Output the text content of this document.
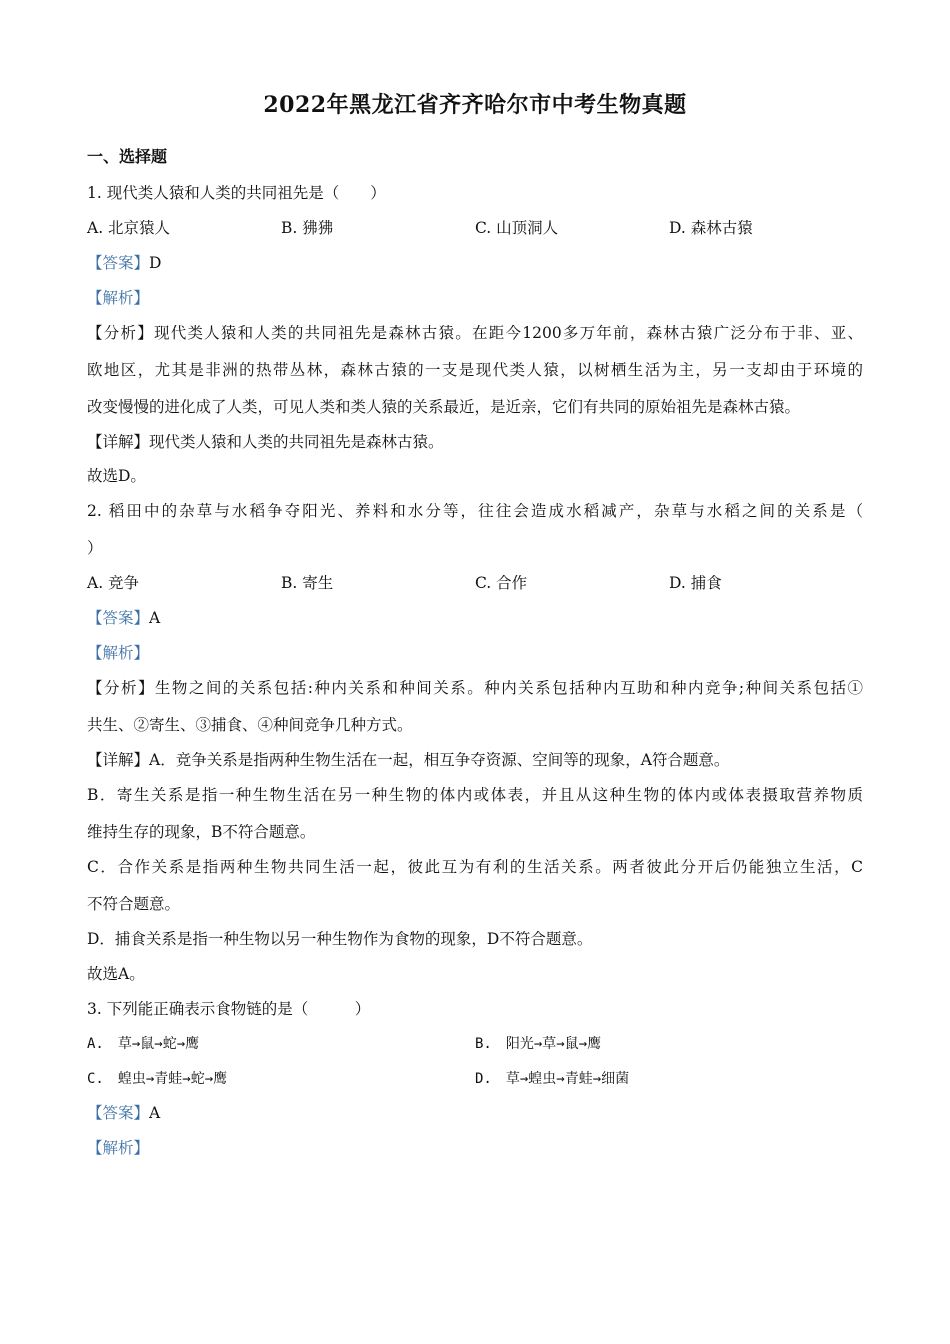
2022年黑龙江省齐齐哈尔市中考生物真题
一、选择题
1. 现代类人猿和人类的共同祖先是（　　）
A. 北京猿人	B. 狒狒	C. 山顶洞人	D. 森林古猿
【答案】D
【解析】
【分析】现代类人猿和人类的共同祖先是森林古猿。在距今1200多万年前，森林古猿广泛分布于非、亚、
欧地区，尤其是非洲的热带丛林，森林古猿的一支是现代类人猿，以树栖生活为主，另一支却由于环境的
改变慢慢的进化成了人类，可见人类和类人猿的关系最近，是近亲，它们有共同的原始祖先是森林古猿。
【详解】现代类人猿和人类的共同祖先是森林古猿。
故选D。
2. 稻田中的杂草与水稻争夺阳光、养料和水分等，往往会造成水稻减产，杂草与水稻之间的关系是（
）
A. 竞争	B. 寄生	C. 合作	D. 捕食
【答案】A
【解析】
【分析】生物之间的关系包括:种内关系和种间关系。种内关系包括种内互助和种内竞争;种间关系包括①
共生、②寄生、③捕食、④种间竞争几种方式。
【详解】A．竞争关系是指两种生物生活在一起，相互争夺资源、空间等的现象，A符合题意。
B．寄生关系是指一种生物生活在另一种生物的体内或体表，并且从这种生物的体内或体表摄取营养物质
维持生存的现象，B不符合题意。
C．合作关系是指两种生物共同生活一起，彼此互为有利的生活关系。两者彼此分开后仍能独立生活，C
不符合题意。
D．捕食关系是指一种生物以另一种生物作为食物的现象，D不符合题意。
故选A。
3. 下列能正确表示食物链的是（　　　）
A.　草→鼠→蛇→鹰	B.　阳光→草→鼠→鹰
C.　蝗虫→青蛙→蛇→鹰	D.　草→蝗虫→青蛙→细菌
【答案】A
【解析】
